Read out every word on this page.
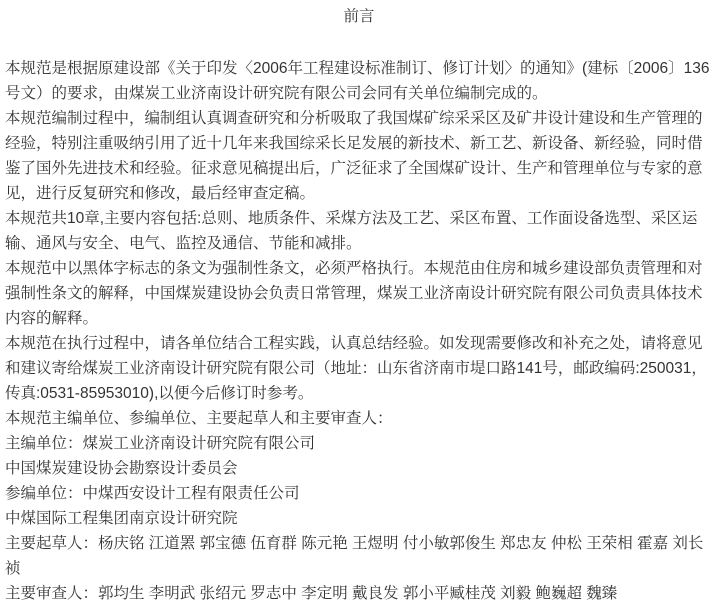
前言

本规范是根据原建设部《关于印发〈2006年工程建设标准制订、修订计划〉的通知》(建标〔2006〕136号文）的要求，由煤炭工业济南设计研究院有限公司会同有关单位编制完成的。

本规范编制过程中，编制组认真调查研究和分析吸取了我国煤矿综采采区及矿井设计建设和生产管理的经验，特别注重吸纳引用了近十几年来我国综采长足发展的新技术、新工艺、新设备、新经验，同时借鉴了国外先进技术和经验。征求意见稿提出后，广泛征求了全国煤矿设计、生产和管理单位与专家的意见，进行反复研究和修改，最后经审查定稿。

本规范共10章,主要内容包括:总则、地质条件、采煤方法及工艺、采区布置、工作面设备选型、采区运输、通风与安全、电气、监控及通信、节能和减排。

本规范中以黑体字标志的条文为强制性条文，必须严格执行。本规范由住房和城乡建设部负责管理和对强制性条文的解释，中国煤炭建设协会负责日常管理，煤炭工业济南设计研究院有限公司负责具体技术内容的解释。

本规范在执行过程中，请各单位结合工程实践，认真总结经验。如发现需要修改和补充之处，请将意见和建议寄给煤炭工业济南设计研究院有限公司（地址：山东省济南市堤口路141号，邮政编码:250031，传真:0531-85953010),以便今后修订时参考。

本规范主编单位、参编单位、主要起草人和主要审查人：

主编单位：煤炭工业济南设计研究院有限公司

中国煤炭建设协会勘察设计委员会

参编单位：中煤西安设计工程有限责任公司

中煤国际工程集团南京设计研究院

主要起草人：杨庆铭 江道罴 郭宝德 伍育群 陈元艳 王煜明 付小敏郭俊生 郑忠友 仲松 王荣相 霍嘉 刘长祯

主要审查人：郭均生 李明武 张绍元 罗志中 李定明 戴良发 郭小平臧桂茂 刘毅 鲍巍超 魏臻
